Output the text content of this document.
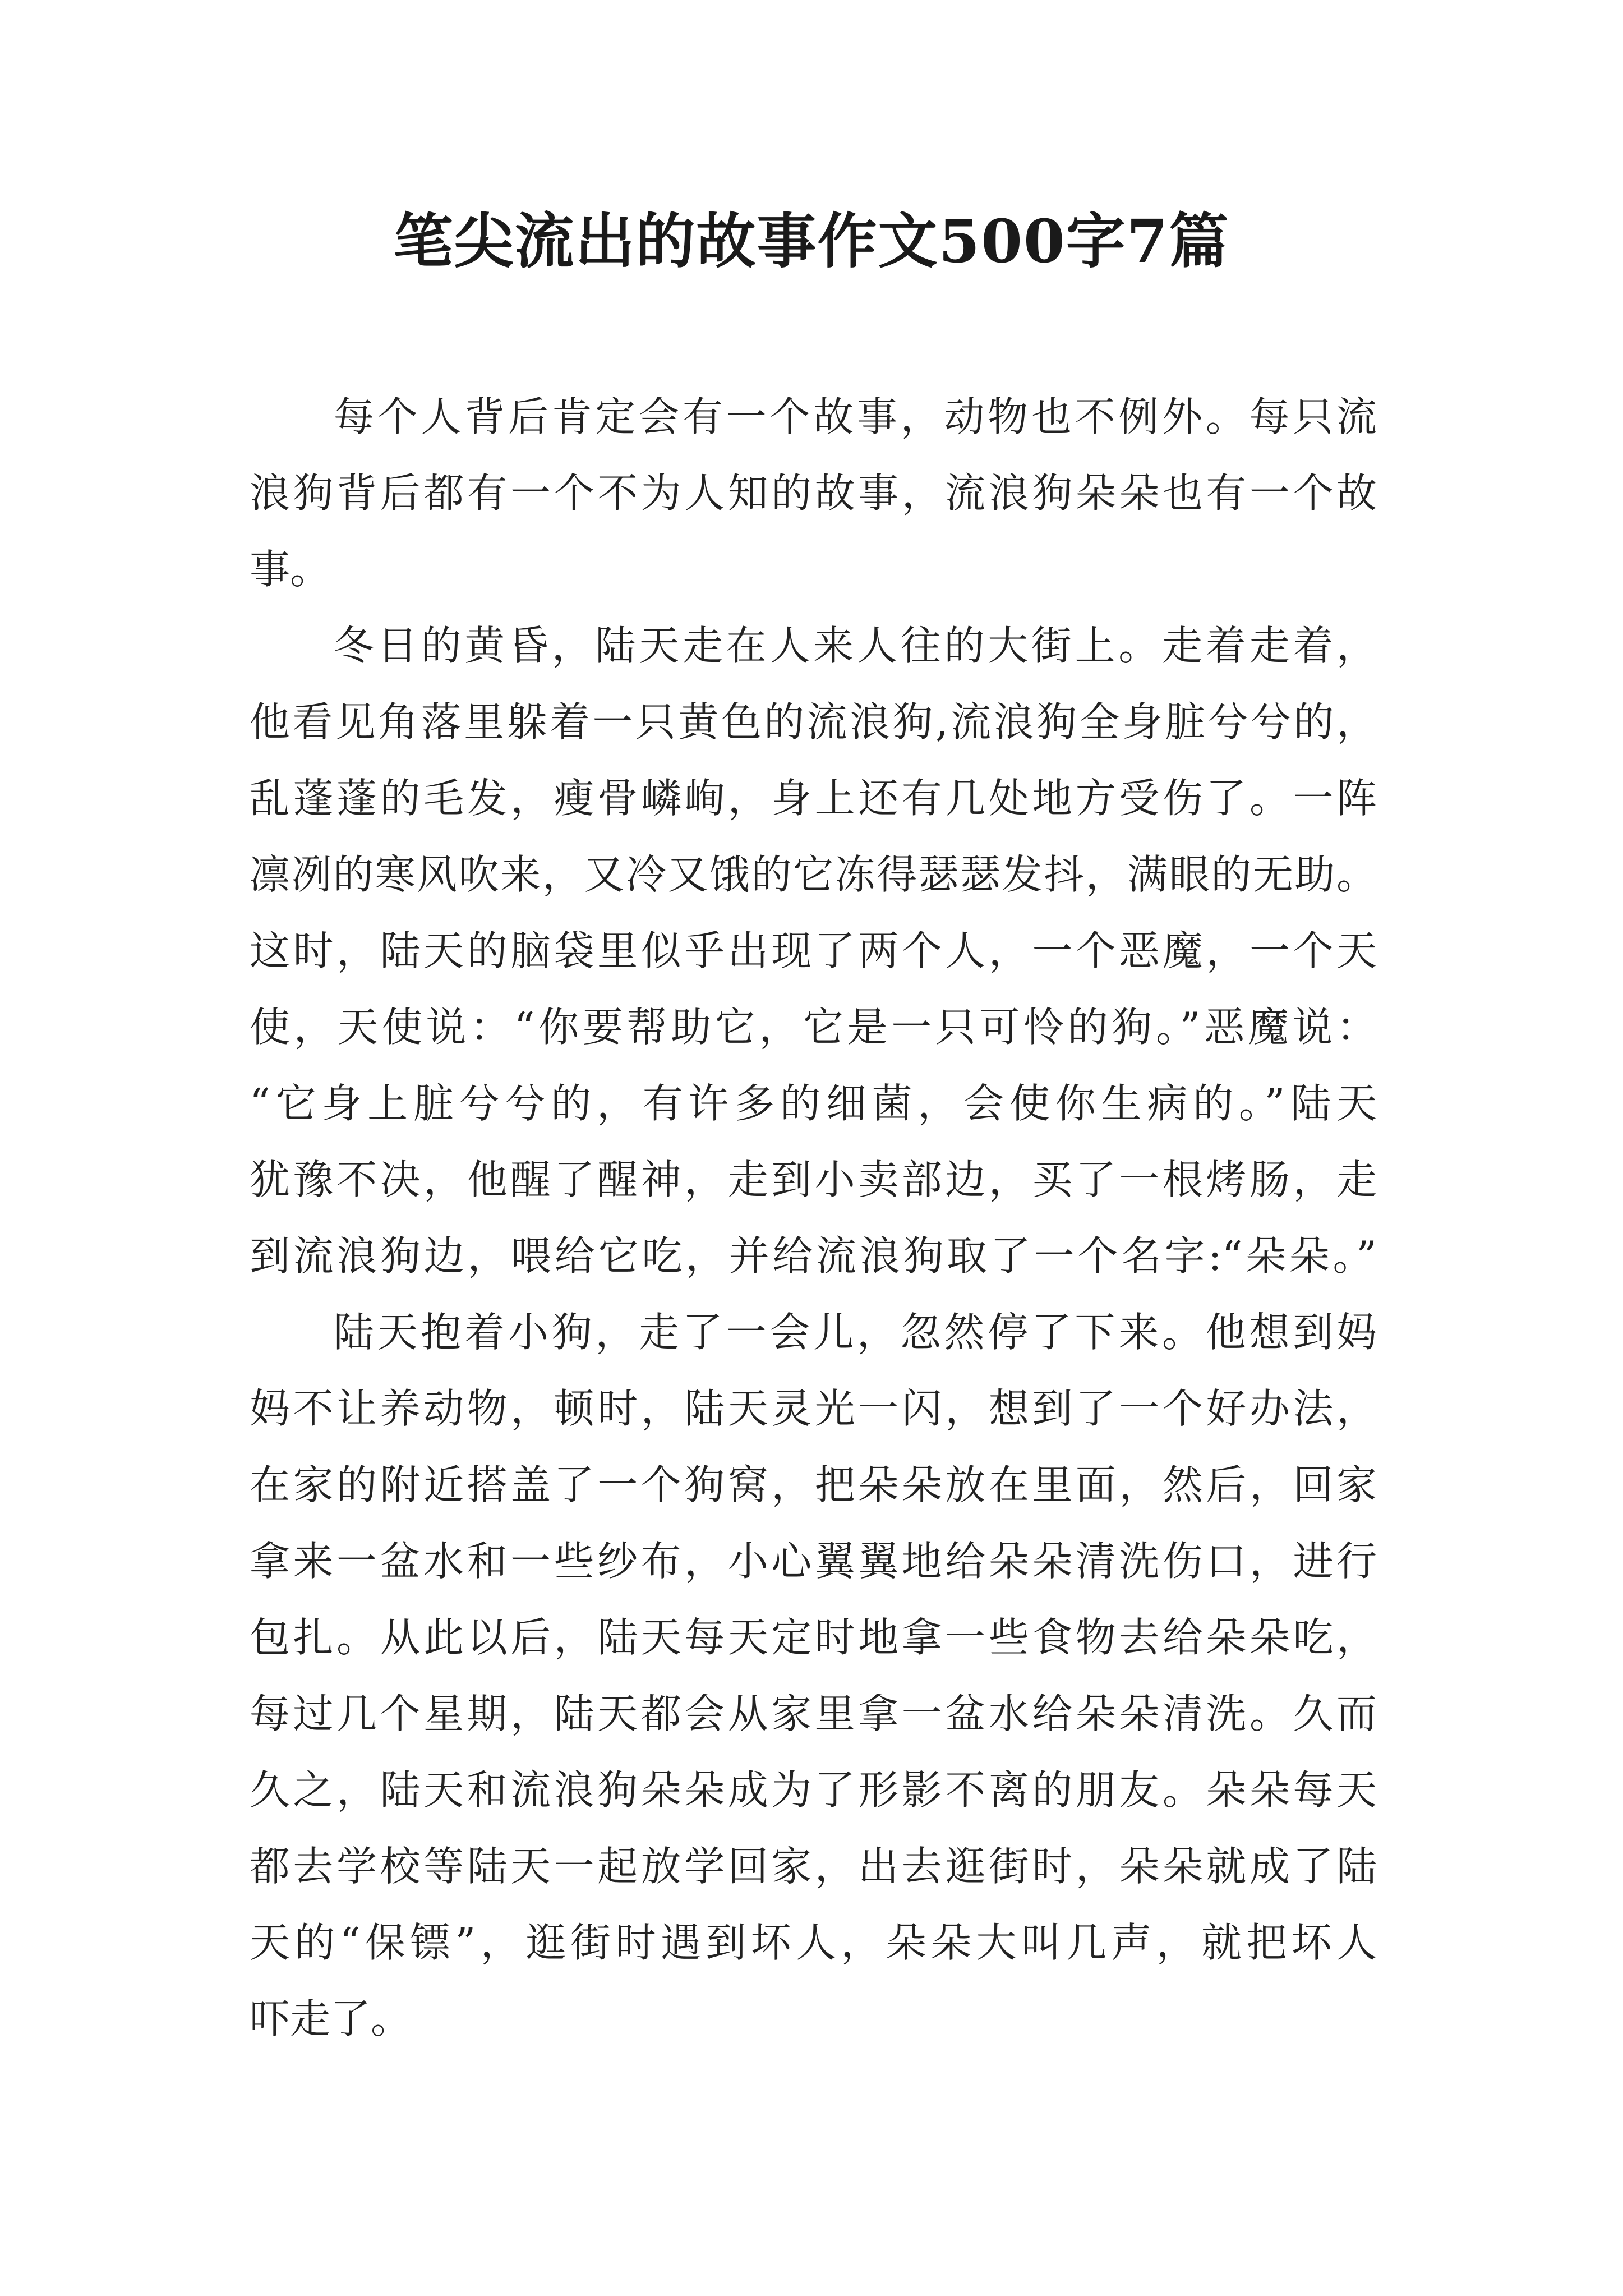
笔尖流出的故事作文500字7篇
每个人背后肯定会有一个故事，动物也不例外。每只流
浪狗背后都有一个不为人知的故事，流浪狗朵朵也有一个故
事。
冬日的黄昏，陆天走在人来人往的大街上。走着走着，
他看见角落里躲着一只黄色的流浪狗,流浪狗全身脏兮兮的，
乱蓬蓬的毛发，瘦骨嶙峋，身上还有几处地方受伤了。一阵
凛冽的寒风吹来，又冷又饿的它冻得瑟瑟发抖，满眼的无助。
这时，陆天的脑袋里似乎出现了两个人，一个恶魔，一个天
使，天使说：“你要帮助它，它是一只可怜的狗。”恶魔说：
“它身上脏兮兮的，有许多的细菌，会使你生病的。”陆天
犹豫不决，他醒了醒神，走到小卖部边，买了一根烤肠，走
到流浪狗边，喂给它吃，并给流浪狗取了一个名字:“朵朵。”
陆天抱着小狗，走了一会儿，忽然停了下来。他想到妈
妈不让养动物，顿时，陆天灵光一闪，想到了一个好办法，
在家的附近搭盖了一个狗窝，把朵朵放在里面，然后，回家
拿来一盆水和一些纱布，小心翼翼地给朵朵清洗伤口，进行
包扎。从此以后，陆天每天定时地拿一些食物去给朵朵吃，
每过几个星期，陆天都会从家里拿一盆水给朵朵清洗。久而
久之，陆天和流浪狗朵朵成为了形影不离的朋友。朵朵每天
都去学校等陆天一起放学回家，出去逛街时，朵朵就成了陆
天的“保镖”，逛街时遇到坏人，朵朵大叫几声，就把坏人
吓走了。
